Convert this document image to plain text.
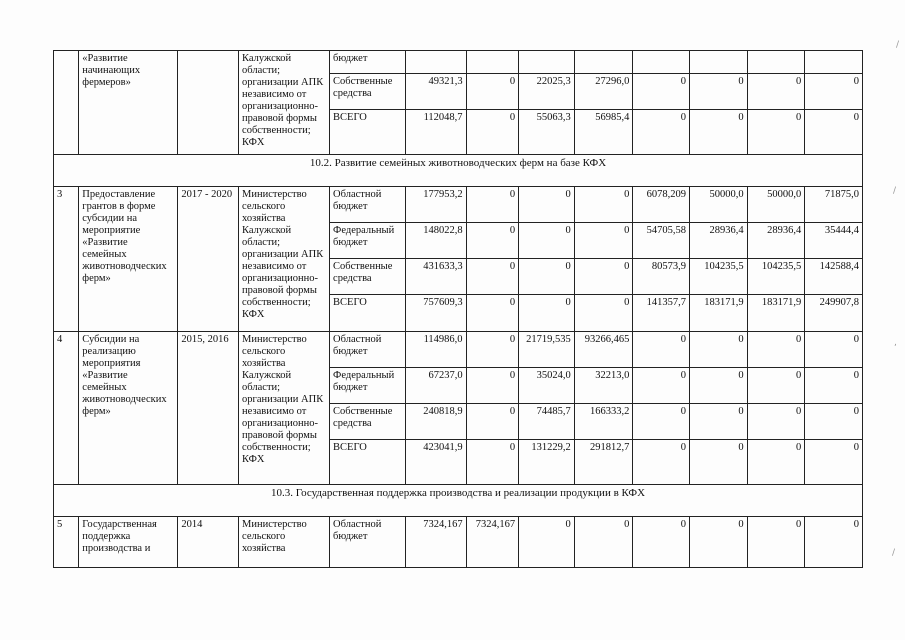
	«Развитие начинающих фермеров»		Калужской области; организации АПК независимо от организационно-правовой формы собственности; КФХ	бюджет								
				Собственные средства	49321,3	0	22025,3	27296,0	0	0	0	0
				ВСЕГО	112048,7	0	55063,3	56985,4	0	0	0	0
10.2. Развитие семейных животноводческих ферм на базе КФХ												
3	Предоставление грантов в форме субсидии на мероприятие «Развитие семейных животноводческих ферм»	2017 - 2020	Министерство сельского хозяйства Калужской области; организации АПК независимо от организационно-правовой формы собственности; КФХ	Областной бюджет	177953,2	0	0	0	6078,209	50000,0	50000,0	71875,0
				Федеральный бюджет	148022,8	0	0	0	54705,58	28936,4	28936,4	35444,4
				Собственные средства	431633,3	0	0	0	80573,9	104235,5	104235,5	142588,4
				ВСЕГО	757609,3	0	0	0	141357,7	183171,9	183171,9	249907,8
4	Субсидии на реализацию мероприятия «Развитие семейных животноводческих ферм»	2015, 2016	Министерство сельского хозяйства Калужской области; организации АПК независимо от организационно-правовой формы собственности; КФХ	Областной бюджет	114986,0	0	21719,535	93266,465	0	0	0	0
				Федеральный бюджет	67237,0	0	35024,0	32213,0	0	0	0	0
				Собственные средства	240818,9	0	74485,7	166333,2	0	0	0	0
				ВСЕГО	423041,9	0	131229,2	291812,7	0	0	0	0
10.3. Государственная поддержка производства и реализации продукции в КФХ												
5	Государственная поддержка производства и	2014	Министерство сельского хозяйства	Областной бюджет	7324,167	7324,167	0	0	0	0	0	0
/
/
,
/
